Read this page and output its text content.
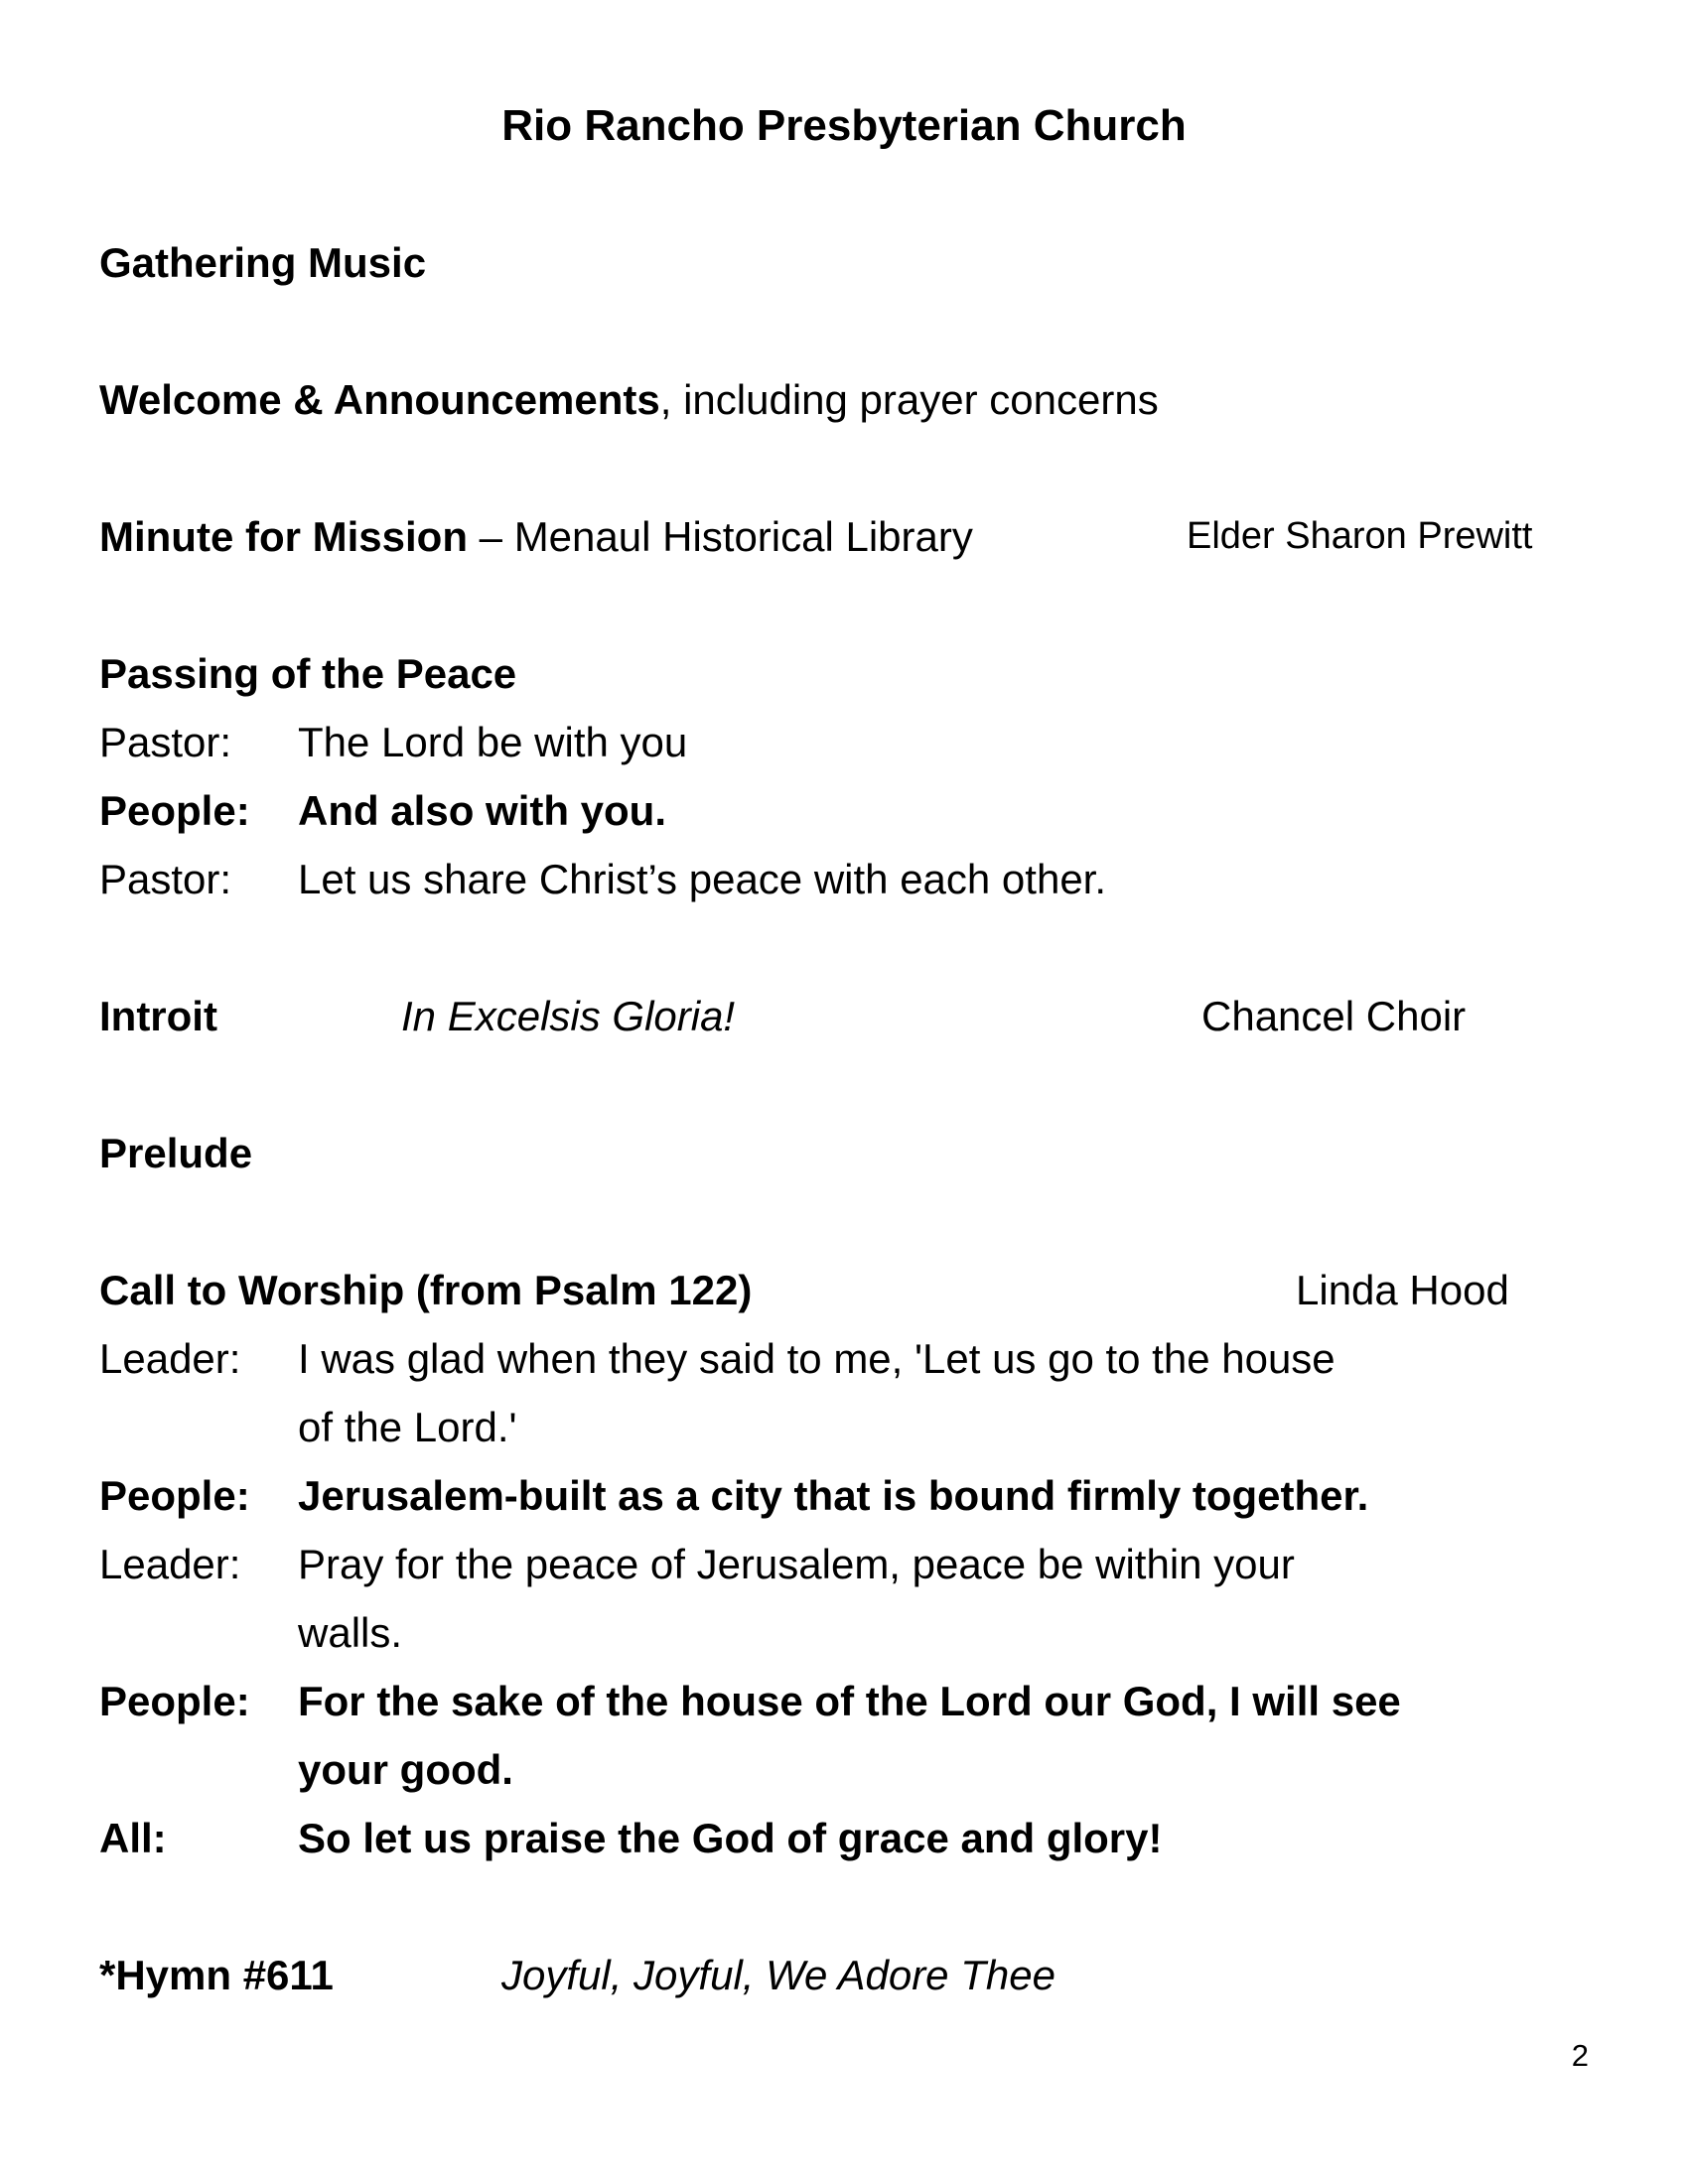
Rio Rancho Presbyterian Church
Gathering Music
Welcome & Announcements, including prayer concerns
Minute for Mission – Menaul Historical Library	Elder Sharon Prewitt
Passing of the Peace
Pastor:	The Lord be with you
People:	And also with you.
Pastor:	Let us share Christ’s peace with each other.
Introit	In Excelsis Gloria!	Chancel Choir
Prelude
Call to Worship (from Psalm 122)	Linda Hood
Leader:	I was glad when they said to me, 'Let us go to the house
of the Lord.'
People:	Jerusalem-built as a city that is bound firmly together.
Leader:	Pray for the peace of Jerusalem, peace be within your
walls.
People:	For the sake of the house of the Lord our God, I will see
your good.
All:	So let us praise the God of grace and glory!
*Hymn #611	Joyful, Joyful, We Adore Thee
2
